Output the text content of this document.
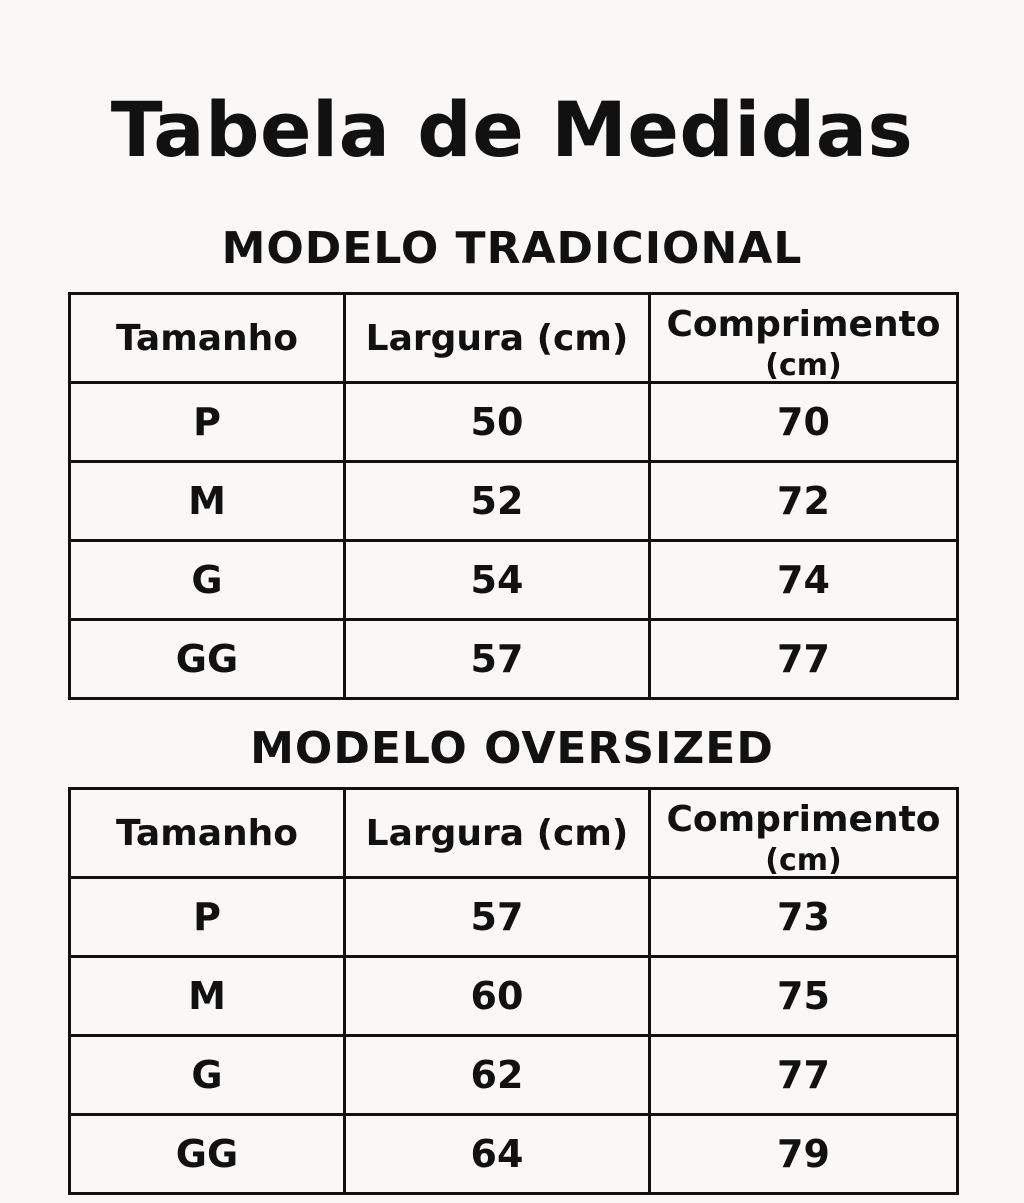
Tabela de Medidas
MODELO TRADICIONAL
Tamanho	Largura (cm)	Comprimento
(cm)

P	50	70
M	52	72
G	54	74
GG	57	77
MODELO OVERSIZED
Tamanho	Largura (cm)	Comprimento
(cm)

P	57	73
M	60	75
G	62	77
GG	64	79
